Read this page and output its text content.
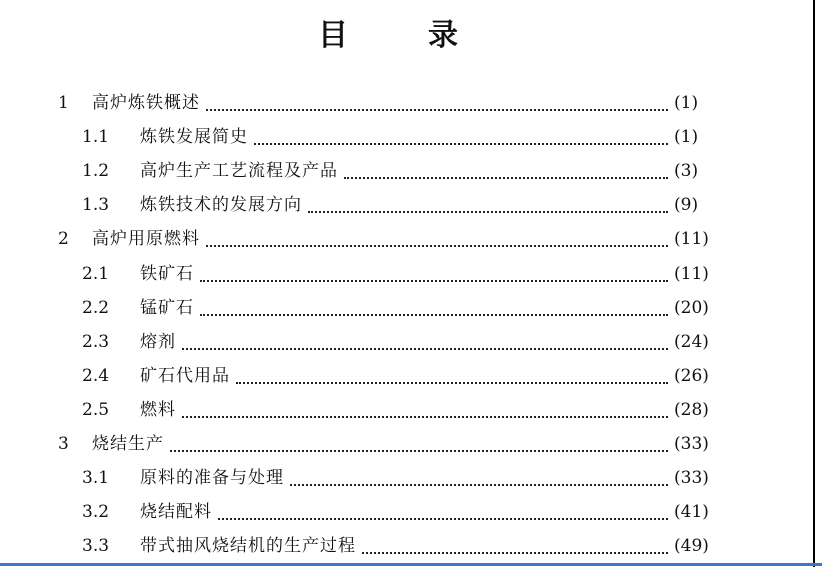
目	录
1	高炉炼铁概述	(1)
1.1	炼铁发展简史	(1)
1.2	高炉生产工艺流程及产品	(3)
1.3	炼铁技术的发展方向	(9)
2	高炉用原燃料	(11)
2.1	铁矿石	(11)
2.2	锰矿石	(20)
2.3	熔剂	(24)
2.4	矿石代用品	(26)
2.5	燃料	(28)
3	烧结生产	(33)
3.1	原料的准备与处理	(33)
3.2	烧结配料	(41)
3.3	带式抽风烧结机的生产过程	(49)
